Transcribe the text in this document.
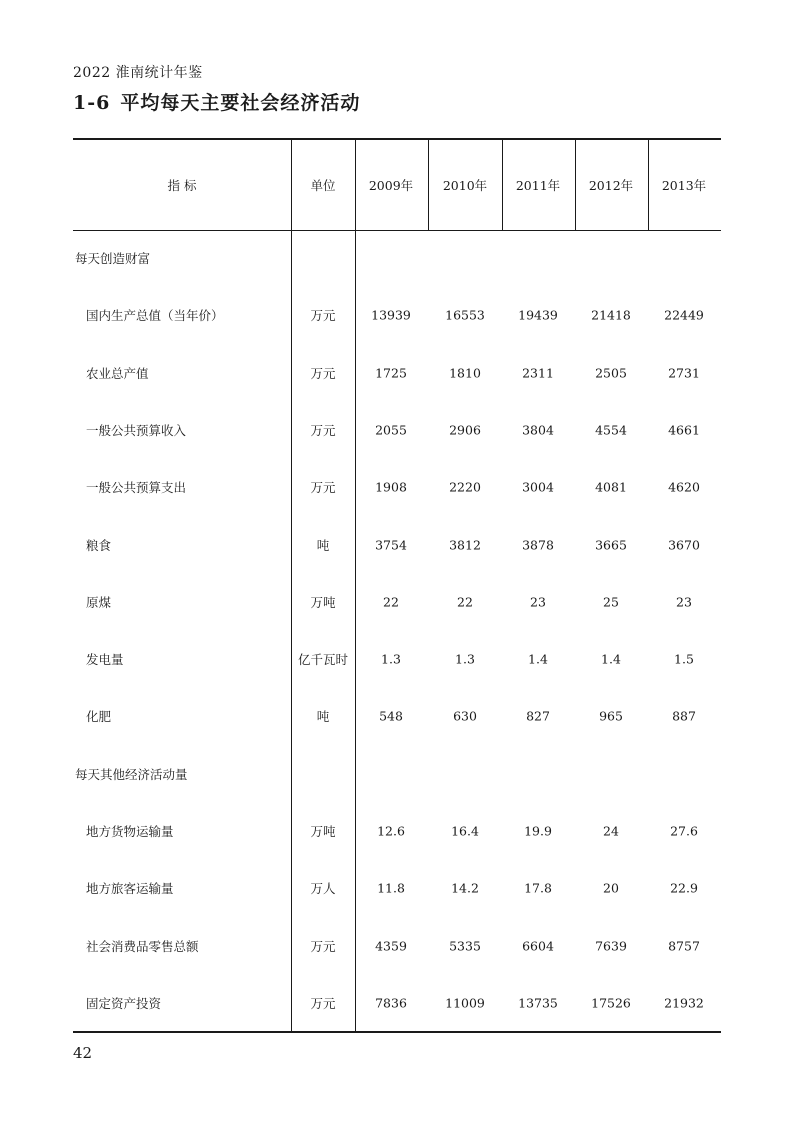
2022 淮南统计年鉴
1-6 平均每天主要社会经济活动
指 标	单位	2009年 2010年 2011年 2012年 2013年
每天创造财富
国内生产总值（当年价）	万元	13939	16553	19439	21418	22449
农业总产值	万元	1725	1810	2311	2505	2731
一般公共预算收入	万元	2055	2906	3804	4554	4661
一般公共预算支出	万元	1908	2220	3004	4081	4620
粮食	吨	3754	3812	3878	3665	3670
原煤	万吨	22	22	23	25	23
发电量	亿千瓦时	1.3	1.3	1.4	1.4	1.5
化肥	吨	548	630	827	965	887
每天其他经济活动量
地方货物运输量	万吨	12.6	16.4	19.9	24	27.6
地方旅客运输量	万人	11.8	14.2	17.8	20	22.9
社会消费品零售总额	万元	4359	5335	6604	7639	8757
固定资产投资	万元	7836	11009	13735	17526	21932
42
